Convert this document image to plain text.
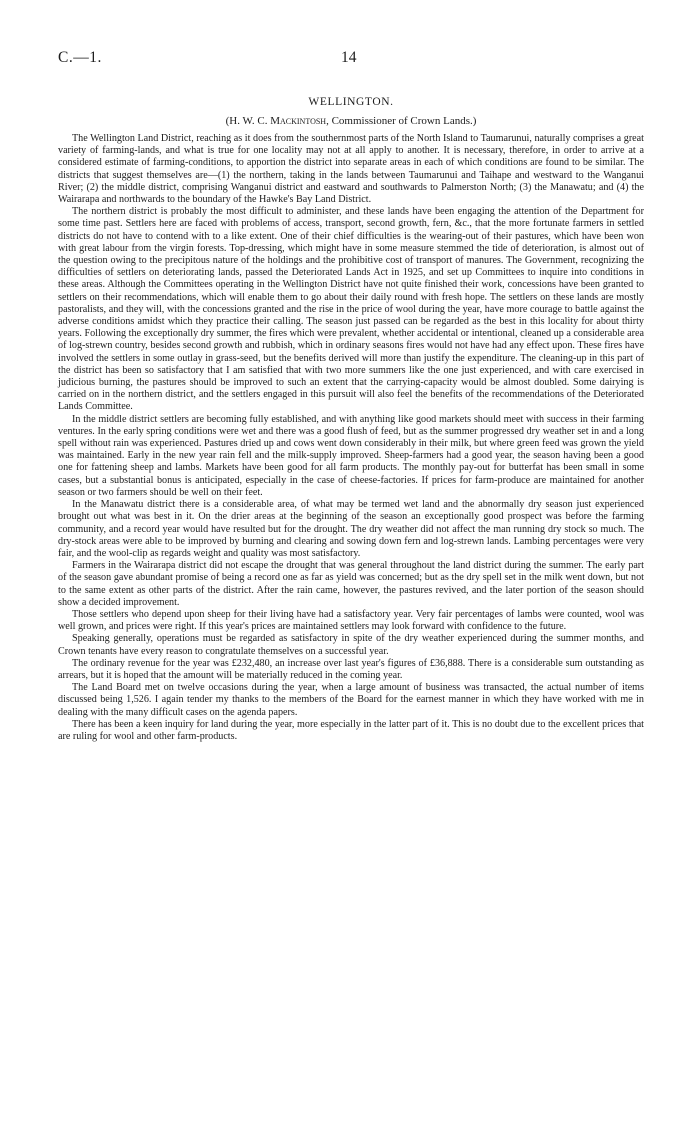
C.—1.	14
WELLINGTON.
(H. W. C. Mackintosh, Commissioner of Crown Lands.)

The Wellington Land District, reaching as it does from the southernmost parts of the North Island to Taumarunui, naturally comprises a great variety of farming-lands, and what is true for one locality may not at all apply to another. It is necessary, therefore, in order to arrive at a considered estimate of farming-conditions, to apportion the district into separate areas in each of which conditions are found to be similar. The districts that suggest themselves are—(1) the northern, taking in the lands between Taumarunui and Taihape and westward to the Wanganui River; (2) the middle district, comprising Wanganui district and eastward and southwards to Palmerston North; (3) the Manawatu; and (4) the Wairarapa and northwards to the boundary of the Hawke's Bay Land District.

The northern district is probably the most difficult to administer, and these lands have been engaging the attention of the Department for some time past. Settlers here are faced with problems of access, transport, second growth, fern, &c., that the more fortunate farmers in settled districts do not have to contend with to a like extent. One of their chief difficulties is the wearing-out of their pastures, which have been won with great labour from the virgin forests. Top-dressing, which might have in some measure stemmed the tide of deterioration, is almost out of the question owing to the precipitous nature of the holdings and the prohibitive cost of transport of manures. The Government, recognizing the difficulties of settlers on deteriorating lands, passed the Deteriorated Lands Act in 1925, and set up Committees to inquire into conditions in these areas. Although the Committees operating in the Wellington District have not quite finished their work, concessions have been granted to settlers on their recommendations, which will enable them to go about their daily round with fresh hope. The settlers on these lands are mostly pastoralists, and they will, with the concessions granted and the rise in the price of wool during the year, have more courage to battle against the adverse conditions amidst which they practice their calling. The season just passed can be regarded as the best in this locality for about thirty years. Following the exceptionally dry summer, the fires which were prevalent, whether accidental or intentional, cleaned up a considerable area of log-strewn country, besides second growth and rubbish, which in ordinary seasons fires would not have had any effect upon. These fires have involved the settlers in some outlay in grass-seed, but the benefits derived will more than justify the expenditure. The cleaning-up in this part of the district has been so satisfactory that I am satisfied that with two more summers like the one just experienced, and with care exercised in judicious burning, the pastures should be improved to such an extent that the carrying-capacity would be almost doubled. Some dairying is carried on in the northern district, and the settlers engaged in this pursuit will also feel the benefits of the recommendations of the Deteriorated Lands Committee.

In the middle district settlers are becoming fully established, and with anything like good markets should meet with success in their farming ventures. In the early spring conditions were wet and there was a good flush of feed, but as the summer progressed dry weather set in and a long spell without rain was experienced. Pastures dried up and cows went down considerably in their milk, but where green feed was grown the yield was maintained. Early in the new year rain fell and the milk-supply improved. Sheep-farmers had a good year, the season having been a good one for fattening sheep and lambs. Markets have been good for all farm products. The monthly pay-out for butterfat has been small in some cases, but a substantial bonus is anticipated, especially in the case of cheese-factories. If prices for farm-produce are maintained for another season or two farmers should be well on their feet.

In the Manawatu district there is a considerable area, of what may be termed wet land and the abnormally dry season just experienced brought out what was best in it. On the drier areas at the beginning of the season an exceptionally good prospect was before the farming community, and a record year would have resulted but for the drought. The dry weather did not affect the man running dry stock so much. The dry-stock areas were able to be improved by burning and clearing and sowing down fern and log-strewn lands. Lambing percentages were very fair, and the wool-clip as regards weight and quality was most satisfactory.

Farmers in the Wairarapa district did not escape the drought that was general throughout the land district during the summer. The early part of the season gave abundant promise of being a record one as far as yield was concerned; but as the dry spell set in the milk went down, but not to the same extent as other parts of the district. After the rain came, however, the pastures revived, and the later portion of the season should show a decided improvement.

Those settlers who depend upon sheep for their living have had a satisfactory year. Very fair percentages of lambs were counted, wool was well grown, and prices were right. If this year's prices are maintained settlers may look forward with confidence to the future.

Speaking generally, operations must be regarded as satisfactory in spite of the dry weather experienced during the summer months, and Crown tenants have every reason to congratulate themselves on a successful year.

The ordinary revenue for the year was £232,480, an increase over last year's figures of £36,888. There is a considerable sum outstanding as arrears, but it is hoped that the amount will be materially reduced in the coming year.

The Land Board met on twelve occasions during the year, when a large amount of business was transacted, the actual number of items discussed being 1,526. I again tender my thanks to the members of the Board for the earnest manner in which they have worked with me in dealing with the many difficult cases on the agenda papers.

There has been a keen inquiry for land during the year, more especially in the latter part of it. This is no doubt due to the excellent prices that are ruling for wool and other farm-products.
